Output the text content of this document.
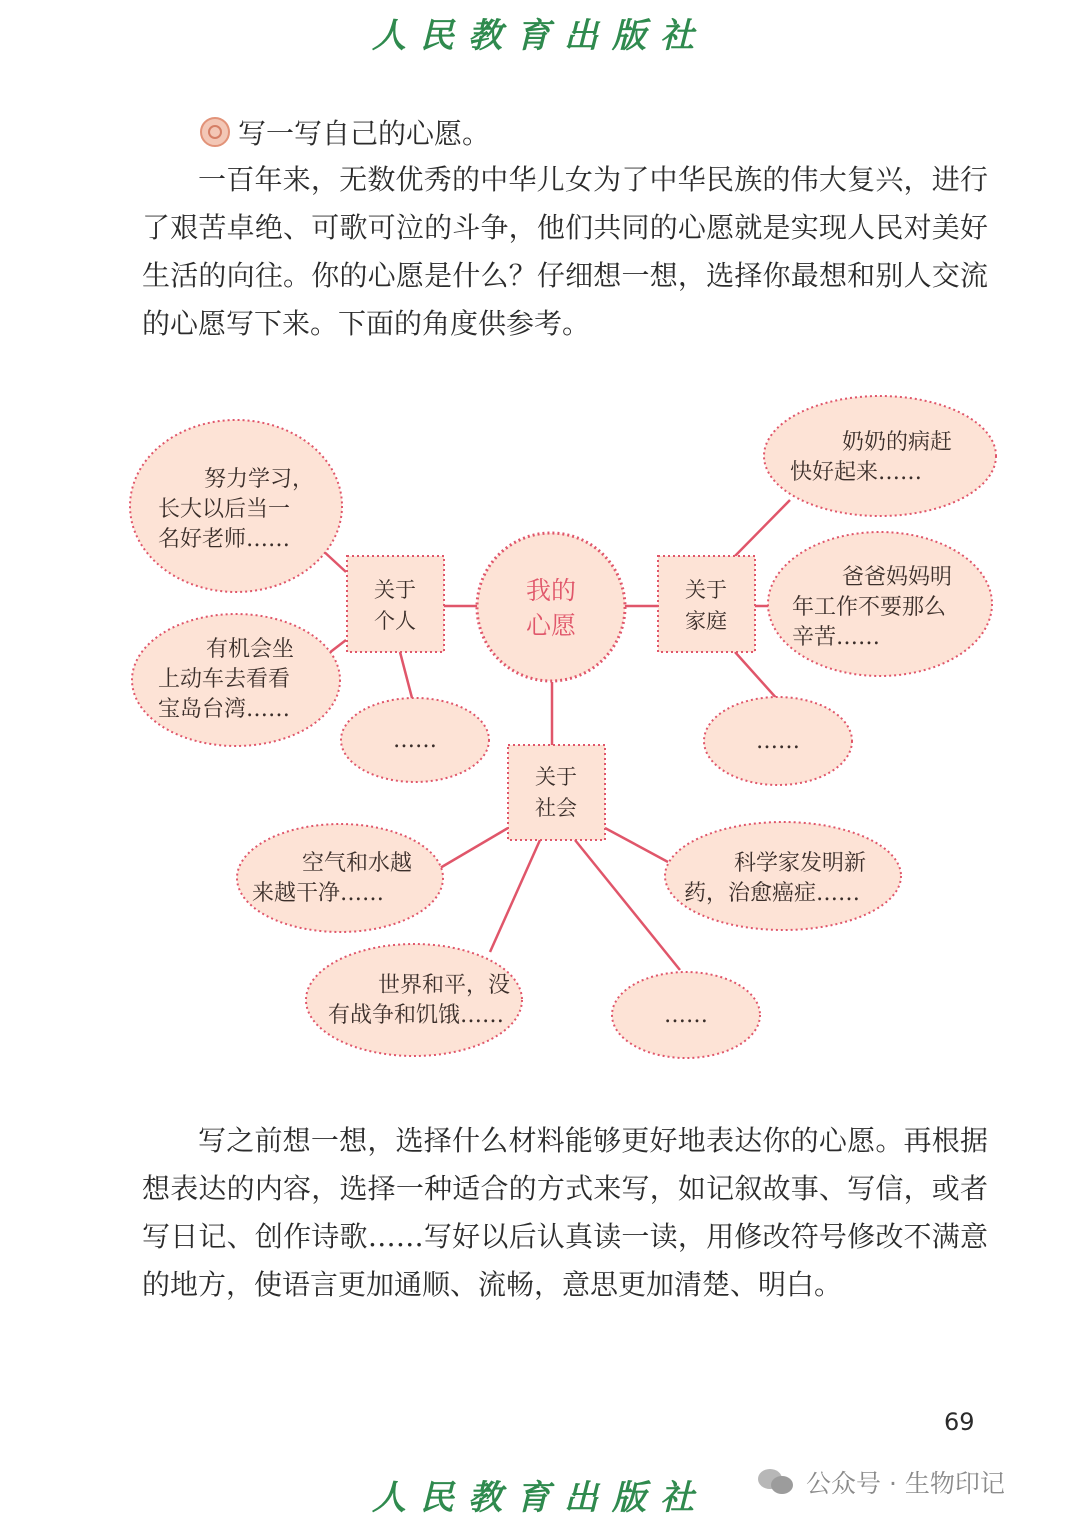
人民教育出版社
写一写自己的心愿。

一百年来，无数优秀的中华儿女为了中华民族的伟大复兴，进行了艰苦卓绝、可歌可泣的斗争，他们共同的心愿就是实现人民对美好生活的向往。你的心愿是什么？仔细想一想，选择你最想和别人交流的心愿写下来。下面的角度供参考。

我的
心愿
关于
个人
关于
家庭
关于
社会
努力学习，
长大以后当一
名好老师……
有机会坐
上动车去看看
宝岛台湾……
……
奶奶的病赶
快好起来……
爸爸妈妈明
年工作不要那么
辛苦……
……
空气和水越
来越干净……
世界和平，没
有战争和饥饿……
科学家发明新
药，治愈癌症……
……

写之前想一想，选择什么材料能够更好地表达你的心愿。再根据想表达的内容，选择一种适合的方式来写，如记叙故事、写信，或者写日记、创作诗歌……写好以后认真读一读，用修改符号修改不满意的地方，使语言更加通顺、流畅，意思更加清楚、明白。

69
人民教育出版社	公众号 · 生物印记
